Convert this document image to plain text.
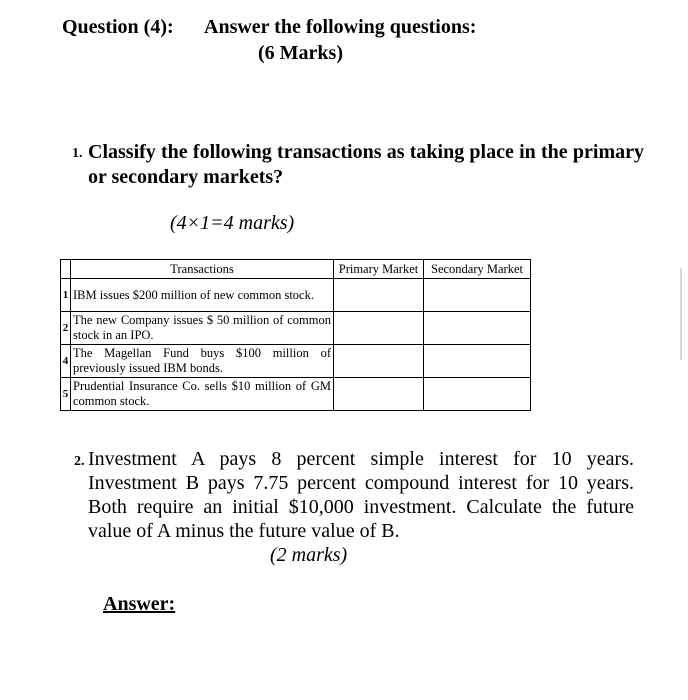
Question (4): Answer the following questions:
(6 Marks)
1. Classify the following transactions as taking place in the primary or secondary markets?
(4×1=4 marks)
	Transactions	Primary Market	Secondary Market
1	IBM issues $200 million of new common stock.		
2	The new Company issues $ 50 million of common stock in an IPO.		
4	The Magellan Fund buys $100 million of previously issued IBM bonds.		
5	Prudential Insurance Co. sells $10 million of GM common stock.		
2. Investment A pays 8 percent simple interest for 10 years. Investment B pays 7.75 percent compound interest for 10 years. Both require an initial $10,000 investment. Calculate the future value of A minus the future value of B.
(2 marks)
Answer:
